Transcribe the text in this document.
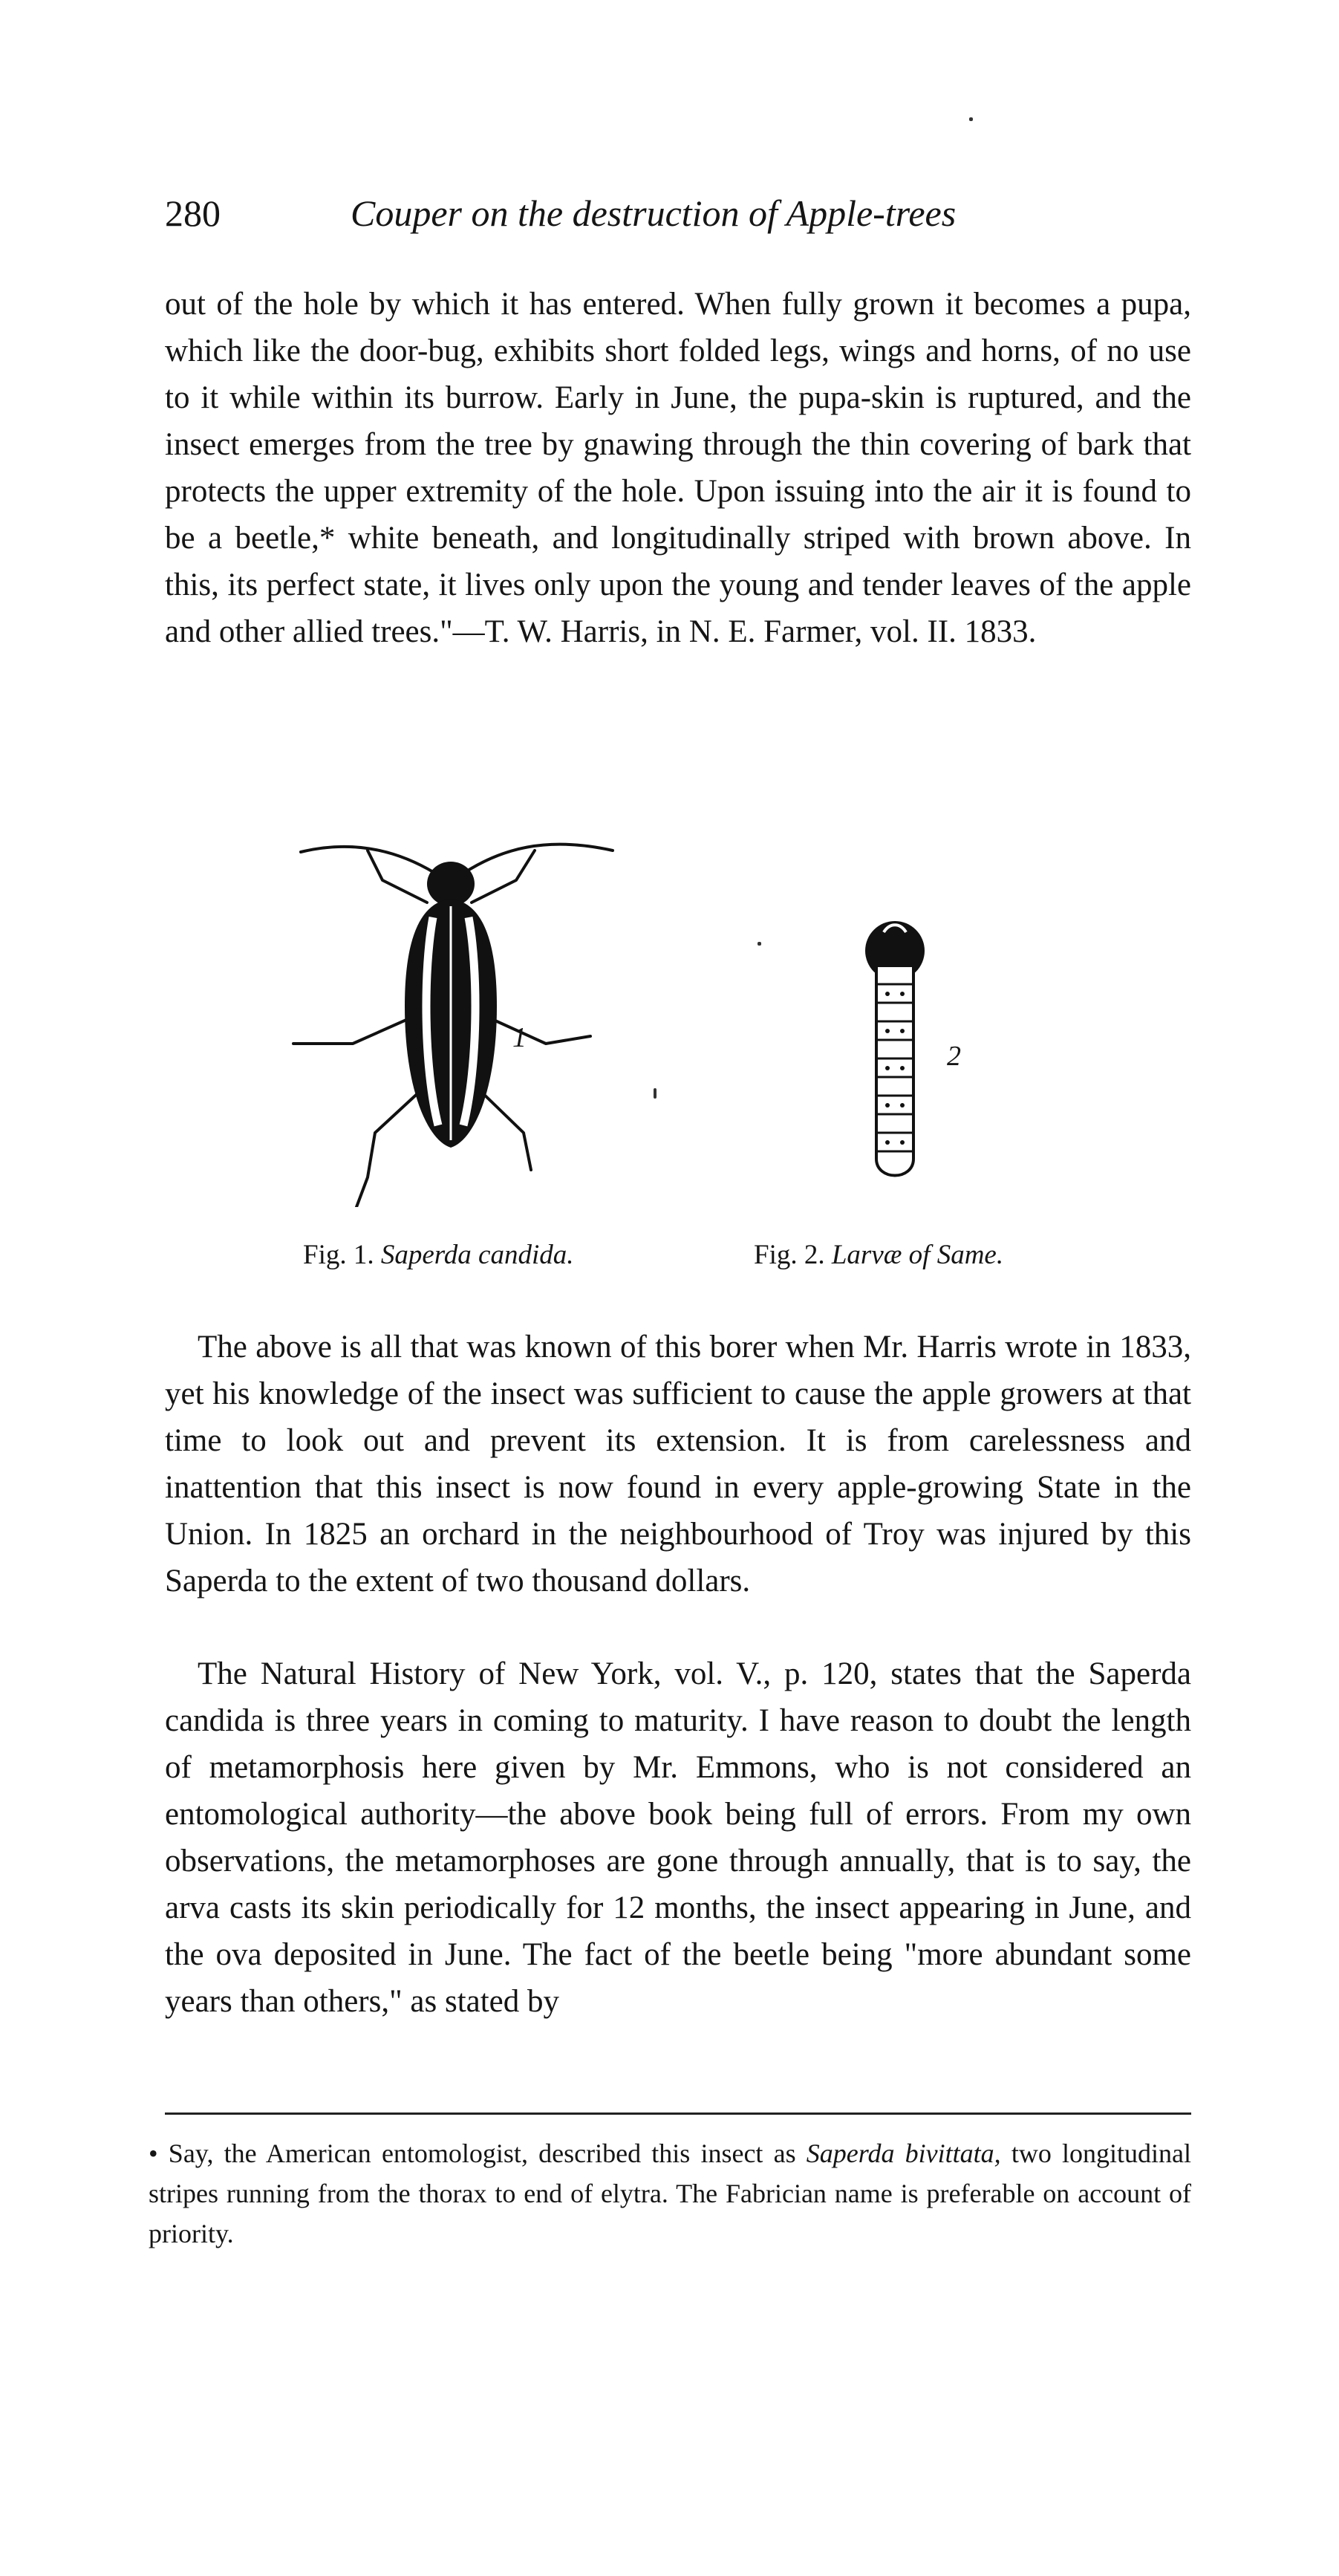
280	Couper on the destruction of Apple-trees

out of the hole by which it has entered. When fully grown it becomes a pupa, which like the door-bug, exhibits short folded legs, wings and horns, of no use to it while within its burrow. Early in June, the pupa-skin is ruptured, and the insect emerges from the tree by gnawing through the thin covering of bark that protects the upper extremity of the hole. Upon issuing into the air it is found to be a beetle,* white beneath, and longitudinally striped with brown above. In this, its perfect state, it lives only upon the young and tender leaves of the apple and other allied trees."—T. W. Harris, in N. E. Farmer, vol. II. 1833.

1
2
Fig. 1. Saperda candida.	Fig. 2. Larvæ of Same.

The above is all that was known of this borer when Mr. Harris wrote in 1833, yet his knowledge of the insect was sufficient to cause the apple growers at that time to look out and prevent its extension. It is from carelessness and inattention that this insect is now found in every apple-growing State in the Union. In 1825 an orchard in the neighbourhood of Troy was injured by this Saperda to the extent of two thousand dollars.

The Natural History of New York, vol. V., p. 120, states that the Saperda candida is three years in coming to maturity. I have reason to doubt the length of metamorphosis here given by Mr. Emmons, who is not considered an entomological authority—the above book being full of errors. From my own observations, the metamorphoses are gone through annually, that is to say, the arva casts its skin periodically for 12 months, the insect appearing in June, and the ova deposited in June. The fact of the beetle being "more abundant some years than others," as stated by

• Say, the American entomologist, described this insect as Saperda bivittata, two longitudinal stripes running from the thorax to end of elytra. The Fabrician name is preferable on account of priority.
